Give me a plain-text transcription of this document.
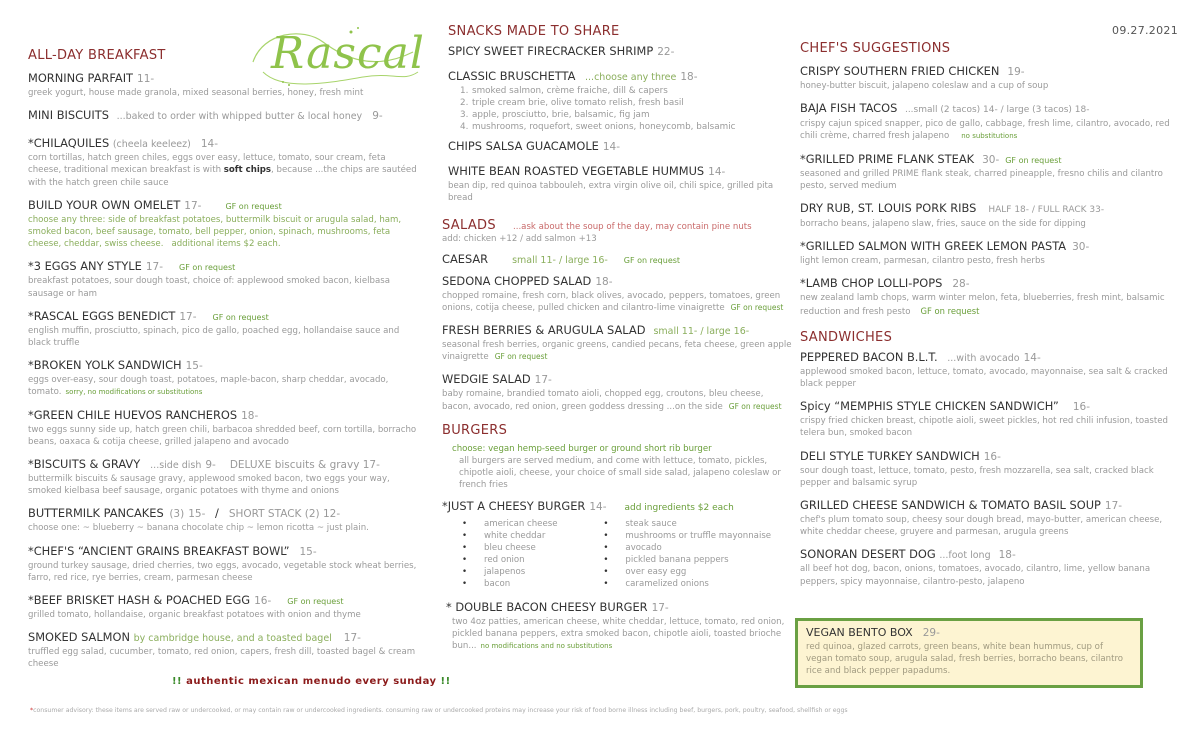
Rascal	09.27.2021
ALL-DAY BREAKFAST
MORNING PARFAIT 11-
greek yogurt, house made granola, mixed seasonal berries, honey, fresh mint
MINI BISCUITS ...baked to order with whipped butter & local honey 9-
*CHILAQUILES (cheela keeleez) 14-
corn tortillas, hatch green chiles, eggs over easy, lettuce, tomato, sour cream, feta cheese, traditional mexican breakfast is with soft chips, because ...the chips are sautéed with the hatch green chile sauce
BUILD YOUR OWN OMELET 17-	GF on request
choose any three: side of breakfast potatoes, buttermilk biscuit or arugula salad, ham, smoked bacon, beef sausage, tomato, bell pepper, onion, spinach, mushrooms, feta cheese, cheddar, swiss cheese. additional items $2 each.
*3 EGGS ANY STYLE 17- GF on request
breakfast potatoes, sour dough toast, choice of: applewood smoked bacon, kielbasa sausage or ham
*RASCAL EGGS BENEDICT 17- GF on request
english muffin, prosciutto, spinach, pico de gallo, poached egg, hollandaise sauce and black truffle
*BROKEN YOLK SANDWICH 15-
eggs over-easy, sour dough toast, potatoes, maple-bacon, sharp cheddar, avocado, tomato. sorry, no modifications or substitutions
*GREEN CHILE HUEVOS RANCHEROS 18-
two eggs sunny side up, hatch green chili, barbacoa shredded beef, corn tortilla, borracho beans, oaxaca & cotija cheese, grilled jalapeno and avocado
*BISCUITS & GRAVY ...side dish 9- DELUXE biscuits & gravy 17-
buttermilk biscuits & sausage gravy, applewood smoked bacon, two eggs your way, smoked kielbasa beef sausage, organic potatoes with thyme and onions
BUTTERMILK PANCAKES (3) 15- / SHORT STACK (2) 12-
choose one: ~ blueberry ~ banana chocolate chip ~ lemon ricotta ~ just plain.
*CHEF'S “ANCIENT GRAINS BREAKFAST BOWL” 15-
ground turkey sausage, dried cherries, two eggs, avocado, vegetable stock wheat berries, farro, red rice, rye berries, cream, parmesan cheese
*BEEF BRISKET HASH & POACHED EGG 16- GF on request
grilled tomato, hollandaise, organic breakfast potatoes with onion and thyme
SMOKED SALMON by cambridge house, and a toasted bagel 17-
truffled egg salad, cucumber, tomato, red onion, capers, fresh dill, toasted bagel & cream cheese
!! authentic mexican menudo every sunday !!
SNACKS MADE TO SHARE
SPICY SWEET FIRECRACKER SHRIMP 22-
CLASSIC BRUSCHETTA ...choose any three 18-
1. smoked salmon, crème fraiche, dill & capers
2. triple cream brie, olive tomato relish, fresh basil
3. apple, prosciutto, brie, balsamic, fig jam
4. mushrooms, roquefort, sweet onions, honeycomb, balsamic
CHIPS SALSA GUACAMOLE 14-
WHITE BEAN ROASTED VEGETABLE HUMMUS 14-
bean dip, red quinoa tabbouleh, extra virgin olive oil, chili spice, grilled pita bread
SALADS ...ask about the soup of the day, may contain pine nuts
add: chicken +12 / add salmon +13
CAESAR	small 11- / large 16- GF on request
SEDONA CHOPPED SALAD 18-
chopped romaine, fresh corn, black olives, avocado, peppers, tomatoes, green onions, cotija cheese, pulled chicken and cilantro-lime vinaigrette GF on request
FRESH BERRIES & ARUGULA SALAD small 11- / large 16-
seasonal fresh berries, organic greens, candied pecans, feta cheese, green apple vinaigrette GF on request
WEDGIE SALAD 17-
baby romaine, brandied tomato aioli, chopped egg, croutons, bleu cheese, bacon, avocado, red onion, green goddess dressing ...on the side GF on request
BURGERS
choose: vegan hemp-seed burger or ground short rib burger
all burgers are served medium, and come with lettuce, tomato, pickles, chipotle aioli, cheese, your choice of small side salad, jalapeno coleslaw or french fries
*JUST A CHEESY BURGER 14- add ingredients $2 each
• american cheese
• white cheddar
• bleu cheese
• red onion
• jalapenos
• bacon
• steak sauce
• mushrooms or truffle mayonnaise
• avocado
• pickled banana peppers
• over easy egg
• caramelized onions
* DOUBLE BACON CHEESY BURGER 17-
two 4oz patties, american cheese, white cheddar, lettuce, tomato, red onion, pickled banana peppers, extra smoked bacon, chipotle aioli, toasted brioche bun... no modifications and no substitutions
CHEF'S SUGGESTIONS
CRISPY SOUTHERN FRIED CHICKEN 19-
honey-butter biscuit, jalapeno coleslaw and a cup of soup
BAJA FISH TACOS ...small (2 tacos) 14- / large (3 tacos) 18-
crispy cajun spiced snapper, pico de gallo, cabbage, fresh lime, cilantro, avocado, red chili crème, charred fresh jalapeno no substitutions
*GRILLED PRIME FLANK STEAK 30- GF on request
seasoned and grilled PRIME flank steak, charred pineapple, fresno chilis and cilantro pesto, served medium
DRY RUB, ST. LOUIS PORK RIBS HALF 18- / FULL RACK 33-
borracho beans, jalapeno slaw, fries, sauce on the side for dipping
*GRILLED SALMON WITH GREEK LEMON PASTA 30-
light lemon cream, parmesan, cilantro pesto, fresh herbs
*LAMB CHOP LOLLI-POPS 28-
new zealand lamb chops, warm winter melon, feta, blueberries, fresh mint, balsamic reduction and fresh pesto GF on request
SANDWICHES
PEPPERED BACON B.L.T. ...with avocado 14-
applewood smoked bacon, lettuce, tomato, avocado, mayonnaise, sea salt & cracked black pepper
Spicy “MEMPHIS STYLE CHICKEN SANDWICH” 16-
crispy fried chicken breast, chipotle aioli, sweet pickles, hot red chili infusion, toasted telera bun, smoked bacon
DELI STYLE TURKEY SANDWICH 16-
sour dough toast, lettuce, tomato, pesto, fresh mozzarella, sea salt, cracked black pepper and balsamic syrup
GRILLED CHEESE SANDWICH & TOMATO BASIL SOUP 17-
chef's plum tomato soup, cheesy sour dough bread, mayo-butter, american cheese, white cheddar cheese, gruyere and parmesan, arugula greens
SONORAN DESERT DOG ...foot long 18-
all beef hot dog, bacon, onions, tomatoes, avocado, cilantro, lime, yellow banana peppers, spicy mayonnaise, cilantro-pesto, jalapeno
VEGAN BENTO BOX 29-
red quinoa, glazed carrots, green beans, white bean hummus, cup of vegan tomato soup, arugula salad, fresh berries, borracho beans, cilantro rice and black pepper papadums.
*consumer advisory: these items are served raw or undercooked, or may contain raw or undercooked ingredients. consuming raw or undercooked proteins may increase your risk of food borne illness including beef, burgers, pork, poultry, seafood, shellfish or eggs
